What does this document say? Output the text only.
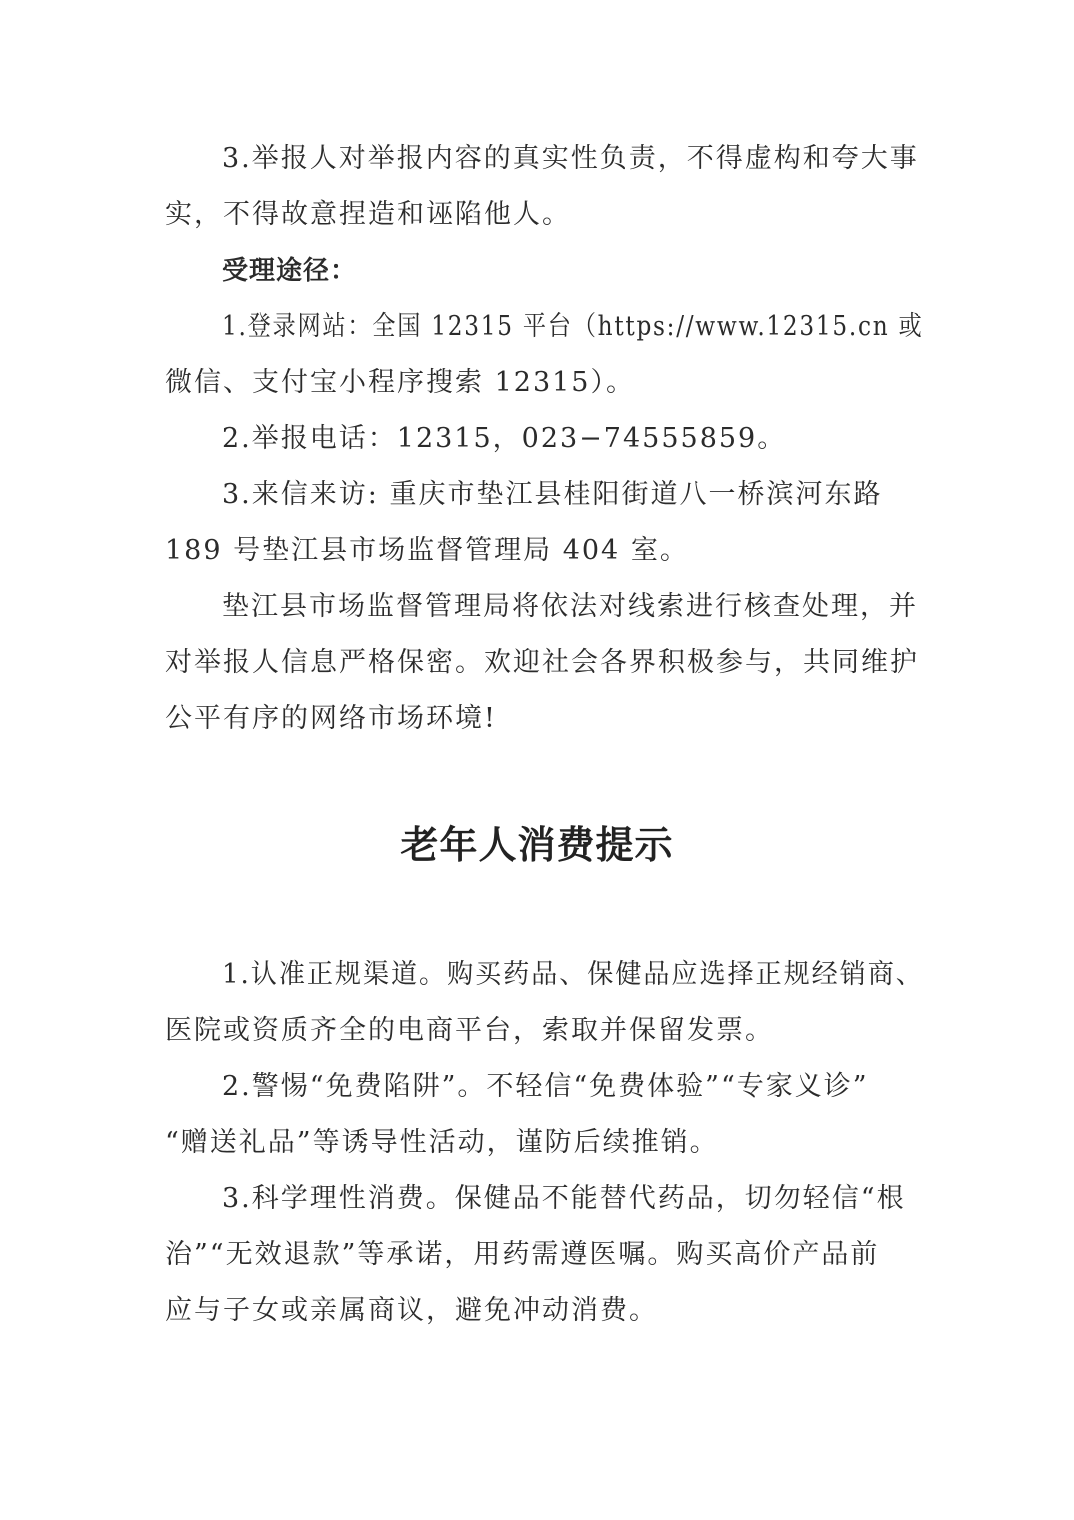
3.举报人对举报内容的真实性负责，不得虚构和夸大事
实，不得故意捏造和诬陷他人。
受理途径：
1.登录网站：全国 12315 平台（https://www.12315.cn 或
微信、支付宝小程序搜索 12315）。
2.举报电话：12315，023−74555859。
3.来信来访: 重庆市垫江县桂阳街道八一桥滨河东路
189 号垫江县市场监督管理局 404 室。
垫江县市场监督管理局将依法对线索进行核查处理，并
对举报人信息严格保密。欢迎社会各界积极参与，共同维护
公平有序的网络市场环境!
老年人消费提示
1.认准正规渠道。购买药品、保健品应选择正规经销商、
医院或资质齐全的电商平台，索取并保留发票。
2.警惕“免费陷阱”。不轻信“免费体验”“专家义诊”
“赠送礼品”等诱导性活动，谨防后续推销。
3.科学理性消费。保健品不能替代药品，切勿轻信“根
治”“无效退款”等承诺，用药需遵医嘱。购买高价产品前
应与子女或亲属商议，避免冲动消费。
